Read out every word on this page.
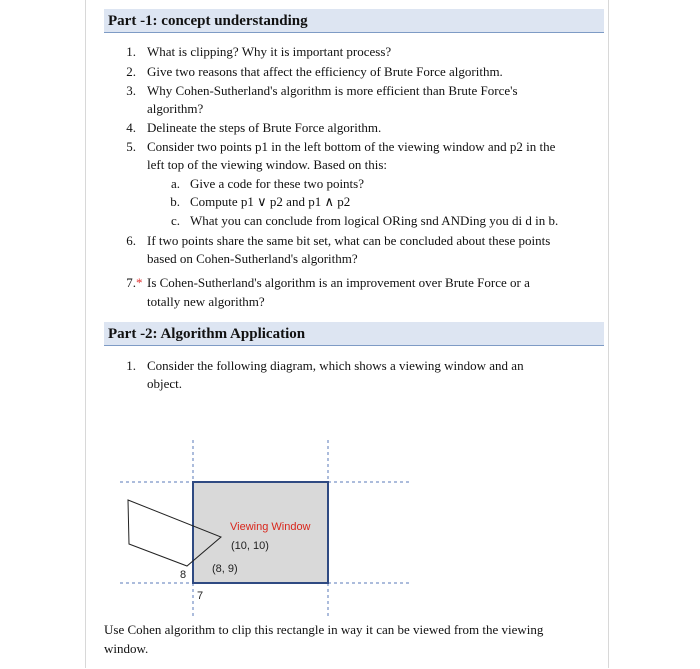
Part -1: concept understanding
1. What is clipping? Why it is important process?
2. Give two reasons that affect the efficiency of Brute Force algorithm.
3. Why Cohen-Sutherland's algorithm is more efficient than Brute Force's
algorithm?
4. Delineate the steps of Brute Force algorithm.
5. Consider two points p1 in the left bottom of the viewing window and p2 in the
left top of the viewing window. Based on this:
a. Give a code for these two points?
b. Compute p1 ∨ p2 and p1 ∧ p2
c. What you can conclude from logical ORing snd ANDing you di d in b.
6. If two points share the same bit set, what can be concluded about these points
based on Cohen-Sutherland's algorithm?
7. * Is Cohen-Sutherland's algorithm is an improvement over Brute Force or a
totally new algorithm?
Part -2: Algorithm Application
1. Consider the following diagram, which shows a viewing window and an
object.
Viewing Window
(10, 10)
(8, 9)
8
7
Use Cohen algorithm to clip this rectangle in way it can be viewed from the viewing
window.
